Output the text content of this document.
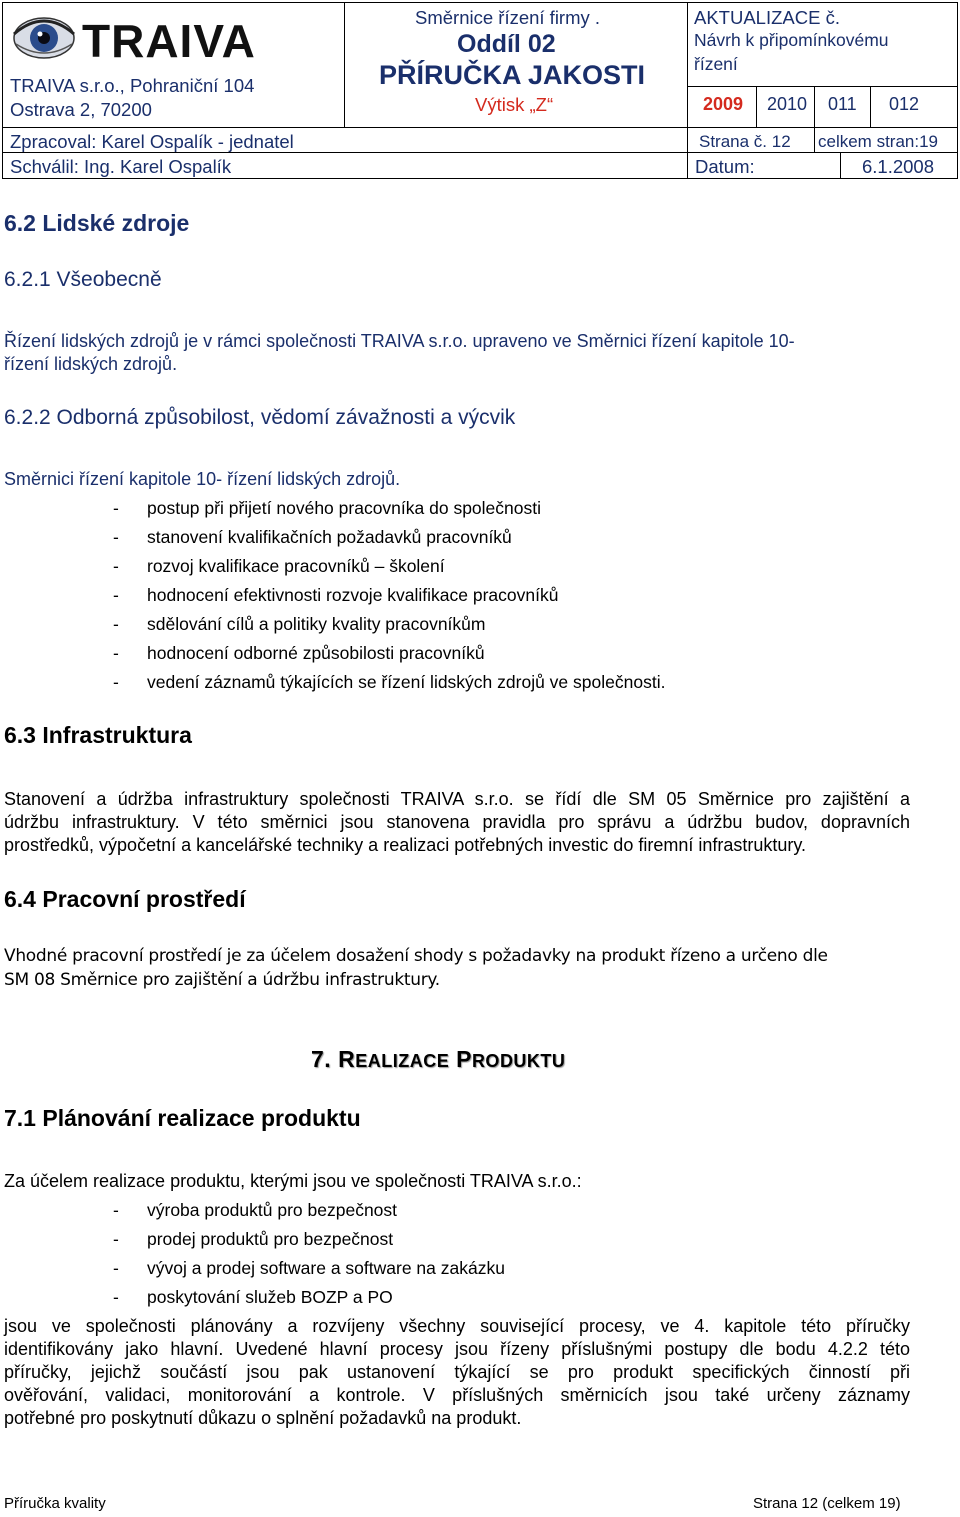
TRAIVA
TRAIVA s.r.o., Pohraniční 104
Ostrava 2, 70200
Směrnice řízení firmy .
Oddíl 02
PŘÍRUČKA JAKOSTI
Výtisk „Z“
AKTUALIZACE č.
Návrh k připomínkovému
řízení
2009 2010 011 012
Zpracoval: Karel Ospalík - jednatel	Strana č. 12 celkem stran:19
Schválil: Ing. Karel Ospalík	Datum:	6.1.2008
6.2 Lidské zdroje
6.2.1 Všeobecně
Řízení lidských zdrojů je v rámci společnosti TRAIVA s.r.o. upraveno ve Směrnici řízení kapitole 10-
řízení lidských zdrojů.
6.2.2 Odborná způsobilost, vědomí závažnosti a výcvik
Směrnici řízení kapitole 10- řízení lidských zdrojů.
- postup při přijetí nového pracovníka do společnosti
- stanovení kvalifikačních požadavků pracovníků
- rozvoj kvalifikace pracovníků – školení
- hodnocení efektivnosti rozvoje kvalifikace pracovníků
- sdělování cílů a politiky kvality pracovníkům
- hodnocení odborné způsobilosti pracovníků
- vedení záznamů týkajících se řízení lidských zdrojů ve společnosti.
6.3 Infrastruktura
Stanovení a údržba infrastruktury společnosti TRAIVA s.r.o. se řídí dle SM 05 Směrnice pro zajištění a
údržbu infrastruktury. V této směrnici jsou stanovena pravidla pro správu a údržbu budov, dopravních
prostředků, výpočetní a kancelářské techniky a realizaci potřebných investic do firemní infrastruktury.
6.4 Pracovní prostředí
Vhodné pracovní prostředí je za účelem dosažení shody s požadavky na produkt řízeno a určeno dle
SM 08 Směrnice pro zajištění a údržbu infrastruktury.
7. REALIZACE PRODUKTU
7.1 Plánování realizace produktu
Za účelem realizace produktu, kterými jsou ve společnosti TRAIVA s.r.o.:
- výroba produktů pro bezpečnost
- prodej produktů pro bezpečnost
- vývoj a prodej software a software na zakázku
- poskytování služeb BOZP a PO
jsou ve společnosti plánovány a rozvíjeny všechny související procesy, ve 4. kapitole této příručky
identifikovány jako hlavní. Uvedené hlavní procesy jsou řízeny příslušnými postupy dle bodu 4.2.2 této
příručky, jejichž součástí jsou pak ustanovení týkající se pro produkt specifických činností při
ověřování, validaci, monitorování a kontrole. V příslušných směrnicích jsou také určeny záznamy
potřebné pro poskytnutí důkazu o splnění požadavků na produkt.
Příručka kvality	Strana 12 (celkem 19)
